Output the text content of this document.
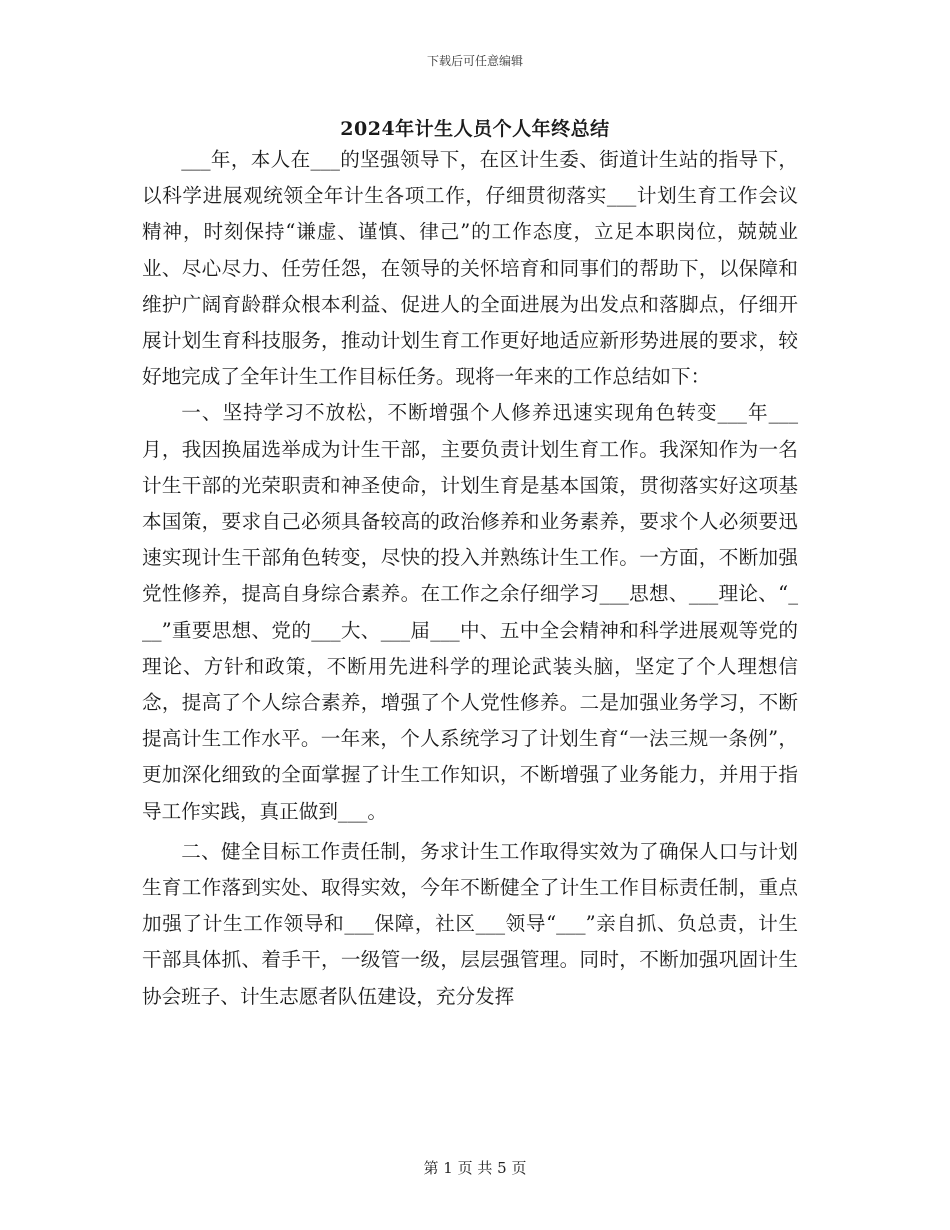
下载后可任意编辑
2024年计生人员个人年终总结

___年，本人在___的坚强领导下，在区计生委、街道计生站的指导下，以科学进展观统领全年计生各项工作，仔细贯彻落实___计划生育工作会议精神，时刻保持“谦虚、谨慎、律己”的工作态度，立足本职岗位，兢兢业业、尽心尽力、任劳任怨，在领导的关怀培育和同事们的帮助下，以保障和维护广阔育龄群众根本利益、促进人的全面进展为出发点和落脚点，仔细开展计划生育科技服务，推动计划生育工作更好地适应新形势进展的要求，较好地完成了全年计生工作目标任务。现将一年来的工作总结如下：

一、坚持学习不放松，不断增强个人修养迅速实现角色转变___年___月，我因换届选举成为计生干部，主要负责计划生育工作。我深知作为一名计生干部的光荣职责和神圣使命，计划生育是基本国策，贯彻落实好这项基本国策，要求自己必须具备较高的政治修养和业务素养，要求个人必须要迅速实现计生干部角色转变，尽快的投入并熟练计生工作。一方面，不断加强党性修养，提高自身综合素养。在工作之余仔细学习___思想、___理论、“___”重要思想、党的___大、___届___中、五中全会精神和科学进展观等党的理论、方针和政策，不断用先进科学的理论武装头脑，坚定了个人理想信念，提高了个人综合素养，增强了个人党性修养。二是加强业务学习，不断提高计生工作水平。一年来，个人系统学习了计划生育“一法三规一条例”，更加深化细致的全面掌握了计生工作知识，不断增强了业务能力，并用于指导工作实践，真正做到___。

二、健全目标工作责任制，务求计生工作取得实效为了确保人口与计划生育工作落到实处、取得实效，今年不断健全了计生工作目标责任制，重点加强了计生工作领导和___保障，社区___领导“___”亲自抓、负总责，计生干部具体抓、着手干，一级管一级，层层强管理。同时，不断加强巩固计生协会班子、计生志愿者队伍建设，充分发挥

第 1 页 共 5 页
